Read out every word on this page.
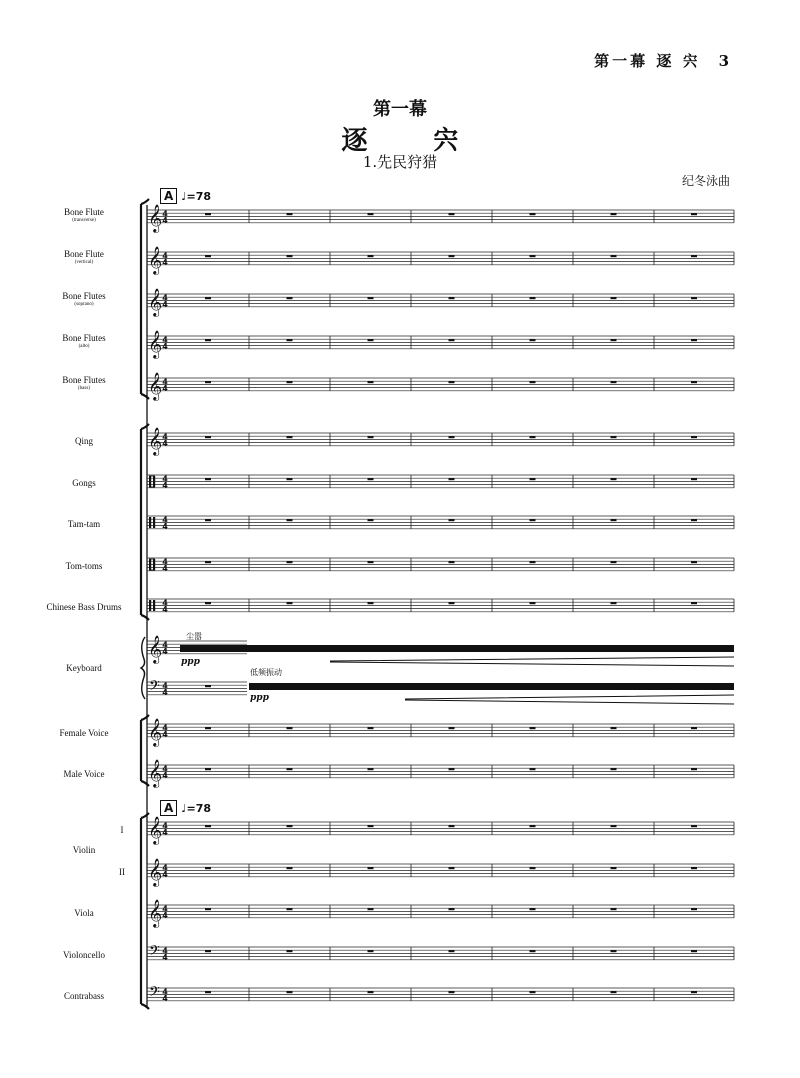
第一幕 逐 宍 3
第一幕
逐 宍
1.先民狩猎
纪冬泳曲
A ♩=78
A ♩=78
Bone Flute
(transverse)
Bone Flute
(vertical)
Bone Flutes
(soprano)
Bone Flutes
(alto)
Bone Flutes
(bass)
Qing
Gongs
Tam-tam
Tom-toms
Chinese Bass Drums
Keyboard
Female Voice
Male Voice
I
Violin
II
Viola
Violoncello
Contrabass
𝄞 4
4
𝄞 4
4
𝄞 4
4
𝄞 4
4
𝄞 4
4
𝄞 4
4
4
4
4
4
4
4
4
4
𝄞 4
4
𝄢 4
4
𝄞 4
4
𝄞 4
4
𝄞 4
4
𝄞 4
4
𝄞 4
4
𝄢 4
4
𝄢 4
4
尘嚣
低频振动
ppp
ppp
